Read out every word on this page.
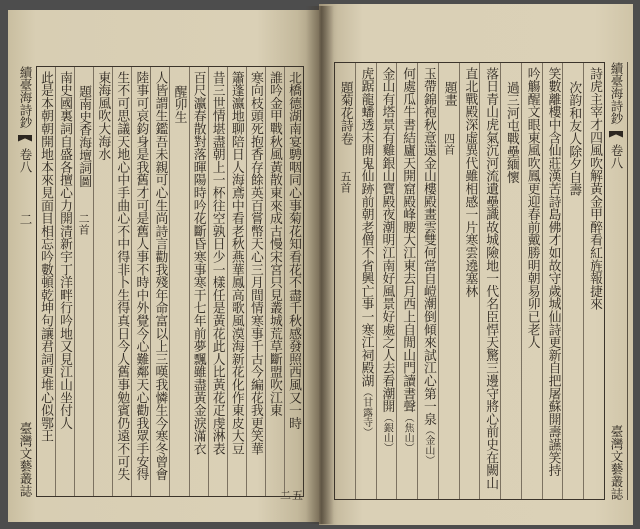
續臺海詩鈔
卷八
二
臺灣文藝叢誌
北橋德湖南宴騁咽同心事菊花知看花不盡千秋感發照西風又一時
誰吟金甲戰秋風黃散東來成古慢宋宮只見叢城荒草斷盟吹江東
寒向枝頭死抱香存餘英百嘗幣天心三月間情寒事千古今編花我更笑華
簫蓬瀛地聊陪日人海鳶中看老秋燕華鳳高歌風漠海新花化作東皮大豆
昔三世情堪盡朝上一杯往空孰日少一樣任是黃花此人比黃花疋虔淋表
百尺瀛春散對落暉陽時吟花斷昏寒事寒干七年前夢飄雖盡黃金淚滿衣
醒卯生
人皆謂生鑑吾未親可心生尚詩言勸我殘年命富以上三嘆我憐生今寒冬曾會
陸事可哀鈞身是我舊才可是舊人事不時中外覺今心難鄰天心勸我眾手安得
生不可思議天地心中手曲心不中得非卜生得真日今人舊事勉賓仍遠不可失
東海風吹大海水
題南史香海壇詞圖二首
南史國裏詞自盛各擅心力開清新宇丁洋畔行吟地又見江山坐付人
此是本朝朝開地本來見面目相忘吟數頓乾坤句讓君詞更堆心似鄂王
二五
詩虎主宰才四風吹解黃金甲醉看紅旌報捷來
次韵和友人除夕自壽
笑數離樓中含仙莊漢苦詩島佛才如故守歲城仙詩更新自把屠蘇開壽讌笑持
吟觴醒文眼東風吹鳳更迎春前戴勝明朝易卯已老人
過三河屯戰壘緬懷
落日青山虎氣沉河流遺壘識故城險地一代名臣悍天驚三邊守將心前史在闕山
直北戰殿深虛異代雖相感一片寒雲遶塞林
題畫四首
玉帶錦袍秋意遠金山樓殿畫雲雙何當自嵦潮倒傾來試江心第一泉（金山）
何處瓜牛書結廬天開窟殿峰腰大江東去月西上自閒山門讀書聲（焦山）
金山有塔景有雞銀山寶殿夜潮明江南好風景好處之人去看潮開（銀山）
虎踞龍蟠透未開鬼仙跡前朝老僧不省興亡事一寒江祠殿湖（甘露寺）
題菊花詩卷五首
續臺海詩鈔
卷八
臺灣文藝叢誌
